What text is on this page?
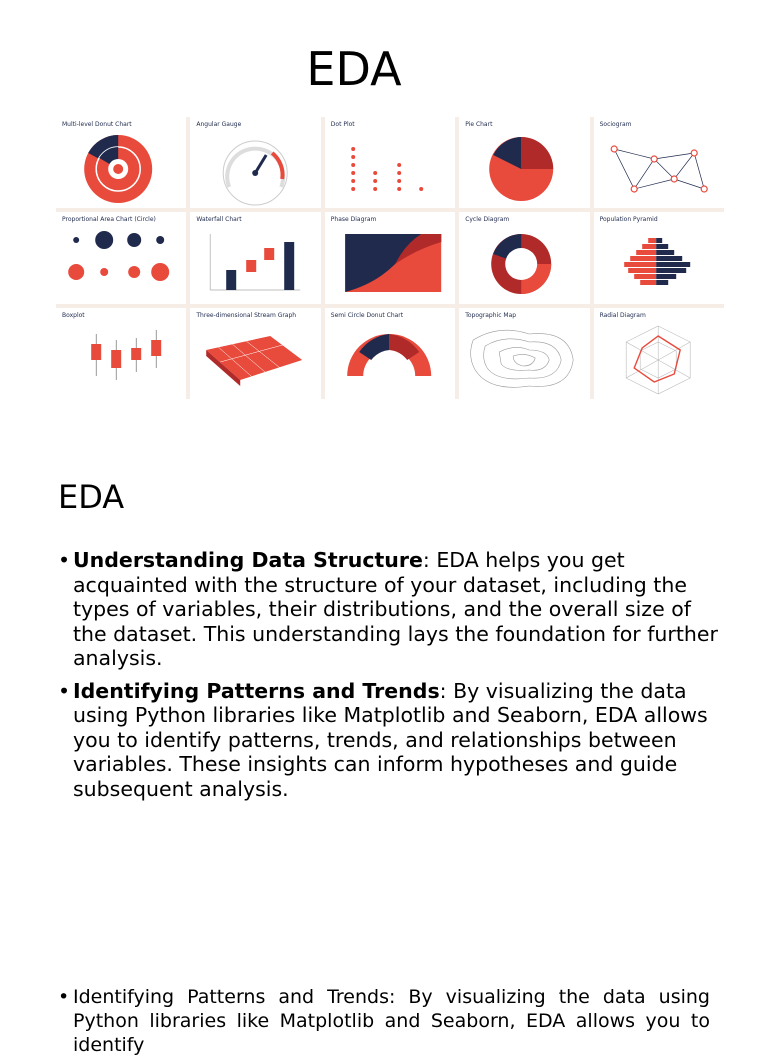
EDA
Multi-level Donut Chart	Angular Gauge	Dot Plot	Pie Chart	Sociogram
Proportional Area Chart (Circle)	Waterfall Chart	Phase Diagram	Cycle Diagram	Population Pyramid
Boxplot	Three-dimensional Stream Graph	Semi Circle Donut Chart	Topographic Map	Radial Diagram
EDA
• Understanding Data Structure: EDA helps you get acquainted with the structure of your dataset, including the types of variables, their distributions, and the overall size of the dataset. This understanding lays the foundation for further analysis.
• Identifying Patterns and Trends: By visualizing the data using Python libraries like Matplotlib and Seaborn, EDA allows you to identify patterns, trends, and relationships between variables. These insights can inform hypotheses and guide subsequent analysis.
• Identifying Patterns and Trends: By visualizing the data using Python libraries like Matplotlib and Seaborn, EDA allows you to identify
